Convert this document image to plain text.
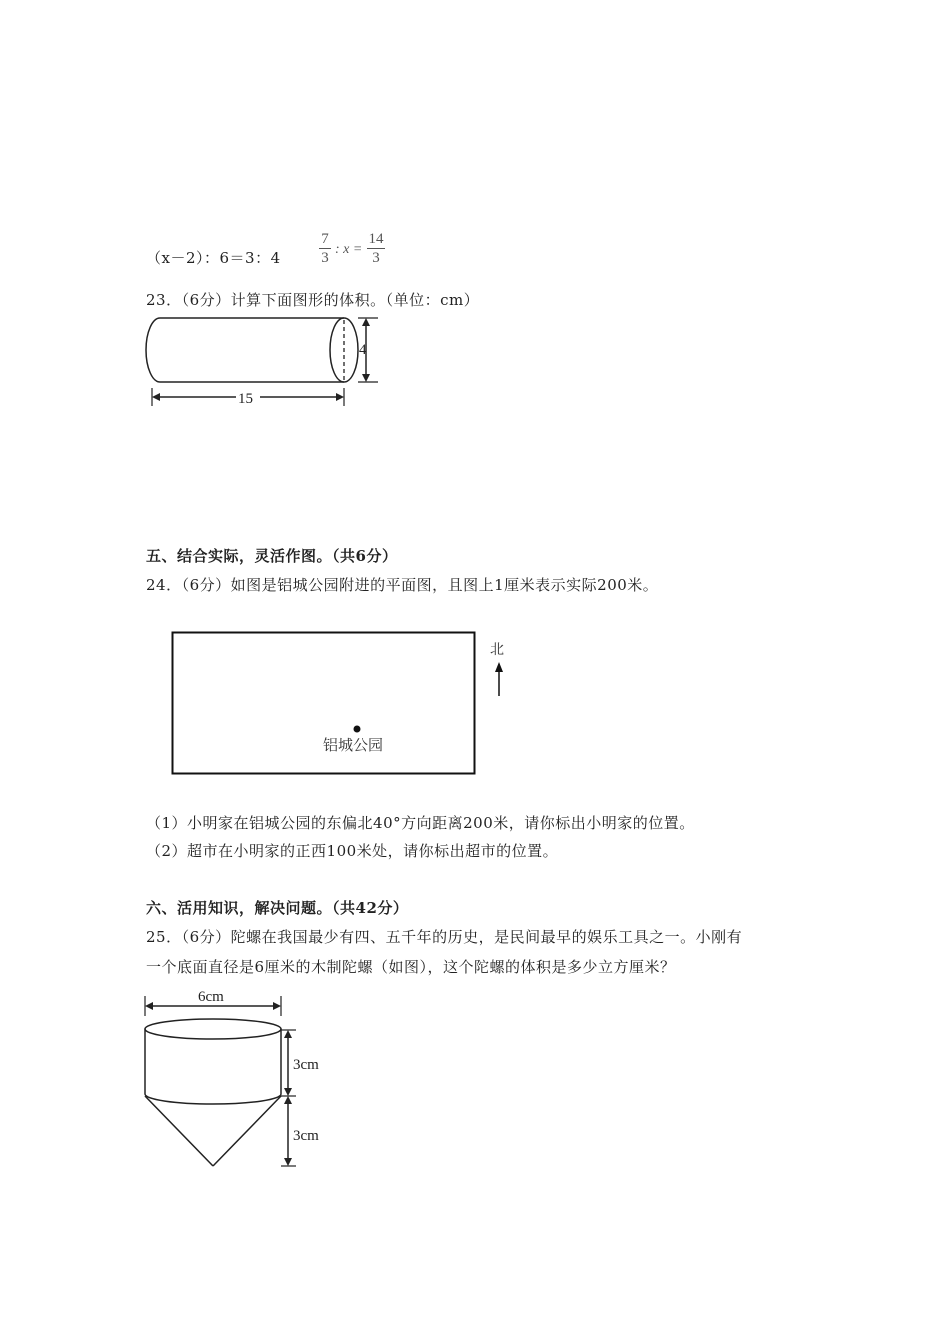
（x－2）：6＝3：4
7
3
: x =
14
3
23．（6分）计算下面图形的体积。（单位：cm）
4
15
五、结合实际，灵活作图。（共6分）
24．（6分）如图是铝城公园附进的平面图，且图上1厘米表示实际200米。
铝城公园
北
（1）小明家在铝城公园的东偏北40°方向距离200米，请你标出小明家的位置。
（2）超市在小明家的正西100米处，请你标出超市的位置。
六、活用知识，解决问题。（共42分）
25．（6分）陀螺在我国最少有四、五千年的历史，是民间最早的娱乐工具之一。小刚有
一个底面直径是6厘米的木制陀螺（如图），这个陀螺的体积是多少立方厘米？
6cm
3cm
3cm
